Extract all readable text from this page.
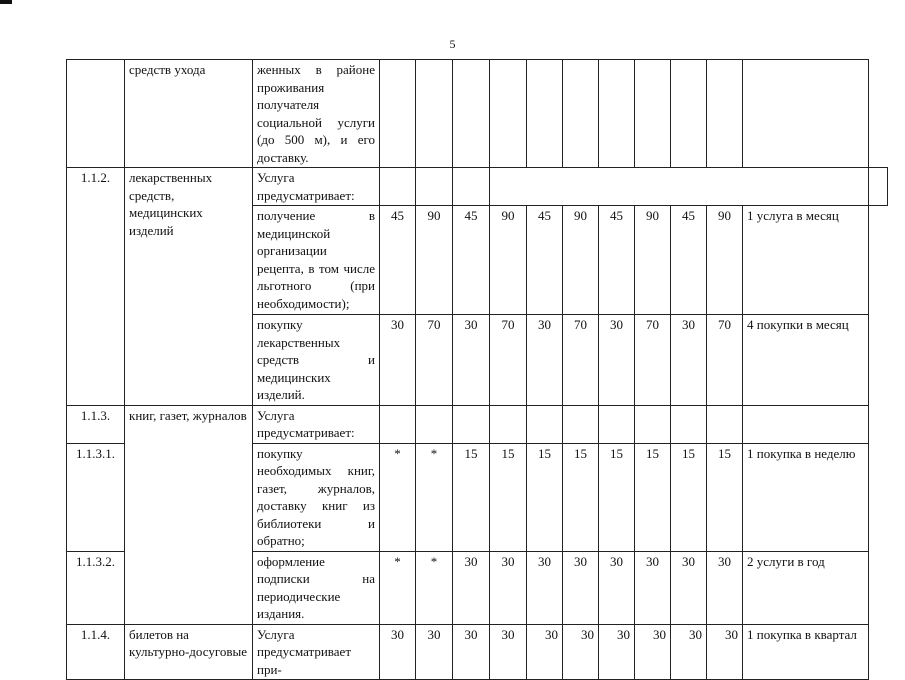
5
	средств ухода	женных в районе проживания получателя социальной услуги (до 500 м), и его доставку.												
1.1.2.	лекарственных средств, медицинских изделий	Услуга предусматривает:												
		получение в медицинской организации рецепта, в том числе льготного (при необходимости);	45	90	45	90	45	90	45	90	45	90	1 услуга в месяц	
		покупку лекарственных средств и медицинских изделий.	30	70	30	70	30	70	30	70	30	70	4 покупки в месяц	
1.1.3.	книг, газет, журналов	Услуга предусматривает:												
1.1.3.1.		покупку необходимых книг, газет, журналов, доставку книг из библиотеки и обратно;	*	*	15	15	15	15	15	15	15	15	1 покупка в неделю	
1.1.3.2.		оформление подписки на периодические издания.	*	*	30	30	30	30	30	30	30	30	2 услуги в год	
1.1.4.	билетов на культурно-досуговые	Услуга предусматривает при-	30	30	30	30	30	30	30	30	30	30	1 покупка в квартал	
